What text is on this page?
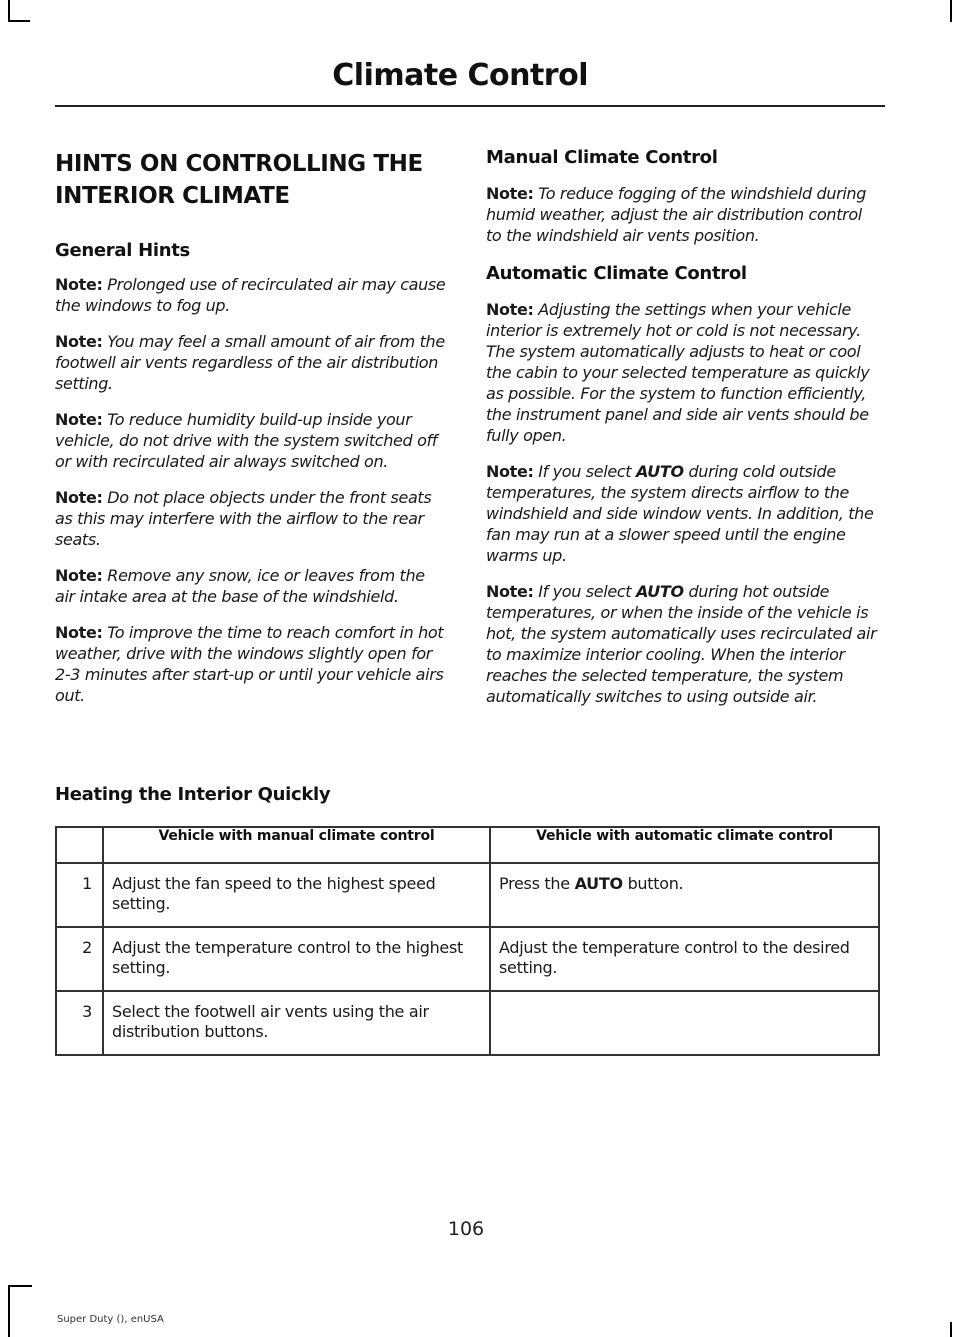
Climate Control
HINTS ON CONTROLLING THE INTERIOR CLIMATE
General Hints

Note: Prolonged use of recirculated air may cause the windows to fog up.

Note: You may feel a small amount of air from the footwell air vents regardless of the air distribution setting.

Note: To reduce humidity build-up inside your vehicle, do not drive with the system switched off or with recirculated air always switched on.

Note: Do not place objects under the front seats as this may interfere with the airflow to the rear seats.

Note: Remove any snow, ice or leaves from the air intake area at the base of the windshield.

Note: To improve the time to reach comfort in hot weather, drive with the windows slightly open for 2-3 minutes after start-up or until your vehicle airs out.

Manual Climate Control

Note: To reduce fogging of the windshield during humid weather, adjust the air distribution control to the windshield air vents position.

Automatic Climate Control

Note: Adjusting the settings when your vehicle interior is extremely hot or cold is not necessary. The system automatically adjusts to heat or cool the cabin to your selected temperature as quickly as possible. For the system to function efficiently, the instrument panel and side air vents should be fully open.

Note: If you select AUTO during cold outside temperatures, the system directs airflow to the windshield and side window vents. In addition, the fan may run at a slower speed until the engine warms up.

Note: If you select AUTO during hot outside temperatures, or when the inside of the vehicle is hot, the system automatically uses recirculated air to maximize interior cooling. When the interior reaches the selected temperature, the system automatically switches to using outside air.

Heating the Interior Quickly
	Vehicle with manual climate control	Vehicle with automatic climate control
1	Adjust the fan speed to the highest speed setting.	Press the AUTO button.
2	Adjust the temperature control to the highest setting.	Adjust the temperature control to the desired setting.
3	Select the footwell air vents using the air distribution buttons.	
106
Super Duty (), enUSA
